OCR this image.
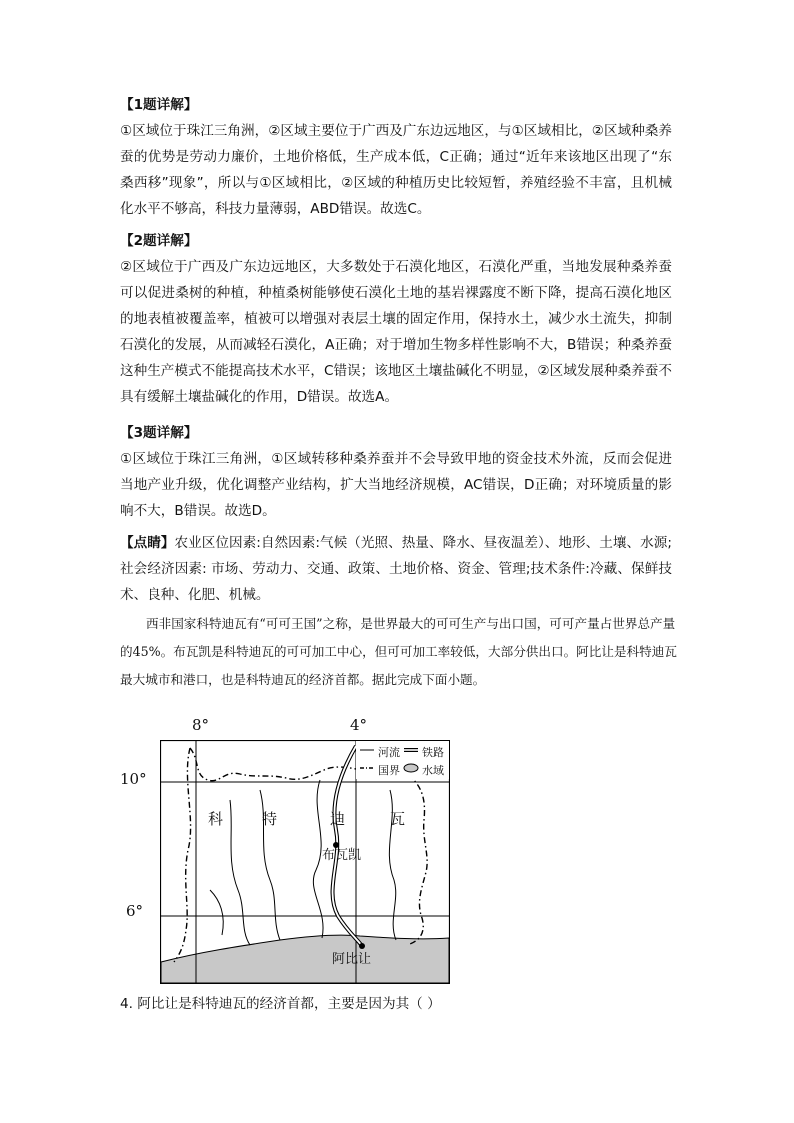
【1题详解】
①区域位于珠江三角洲，②区域主要位于广西及广东边远地区，与①区域相比，②区域种桑养蚕的优势是劳动力廉价，土地价格低，生产成本低，C正确；通过“近年来该地区出现了“东桑西移”现象”，所以与①区域相比，②区域的种植历史比较短暂，养殖经验不丰富，且机械化水平不够高，科技力量薄弱，ABD错误。故选C。
【2题详解】
②区域位于广西及广东边远地区，大多数处于石漠化地区，石漠化严重，当地发展种桑养蚕可以促进桑树的种植，种植桑树能够使石漠化土地的基岩裸露度不断下降，提高石漠化地区的地表植被覆盖率，植被可以增强对表层土壤的固定作用，保持水土，减少水土流失，抑制石漠化的发展，从而减轻石漠化，A正确；对于增加生物多样性影响不大，B错误；种桑养蚕这种生产模式不能提高技术水平，C错误；该地区土壤盐碱化不明显，②区域发展种桑养蚕不具有缓解土壤盐碱化的作用，D错误。故选A。
【3题详解】
①区域位于珠江三角洲，①区域转移种桑养蚕并不会导致甲地的资金技术外流，反而会促进当地产业升级，优化调整产业结构，扩大当地经济规模，AC错误，D正确；对环境质量的影响不大，B错误。故选D。
【点睛】农业区位因素:自然因素:气候（光照、热量、降水、昼夜温差）、地形、土壤、水源;社会经济因素: 市场、劳动力、交通、政策、土地价格、资金、管理;技术条件:冷藏、保鲜技术、良种、化肥、机械。
西非国家科特迪瓦有“可可王国”之称，是世界最大的可可生产与出口国，可可产量占世界总产量的45%。布瓦凯是科特迪瓦的可可加工中心，但可可加工率较低，大部分供出口。阿比让是科特迪瓦最大城市和港口，也是科特迪瓦的经济首都。据此完成下面小题。
8°	4°
10°
6°
河流 铁路
国界 水域
科	特	迪	瓦
布瓦凯
阿比让
4. 阿比让是科特迪瓦的经济首都，主要是因为其（ ）
